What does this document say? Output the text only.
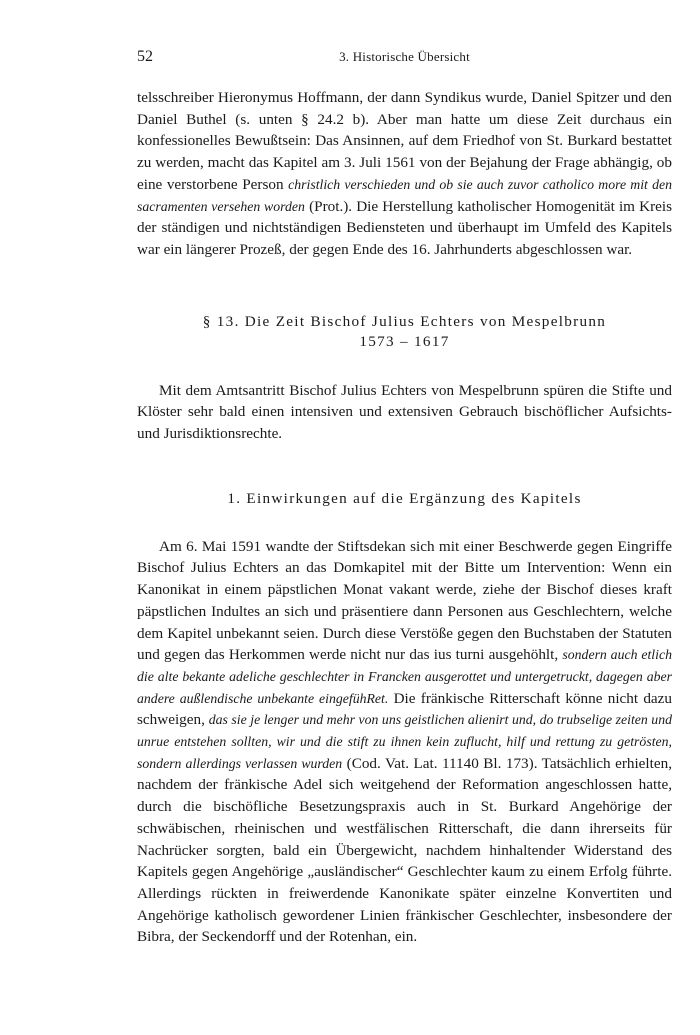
52	3. Historische Übersicht

telsschreiber Hieronymus Hoffmann, der dann Syndikus wurde, Daniel Spitzer und den Daniel Buthel (s. unten § 24.2 b). Aber man hatte um diese Zeit durchaus ein konfessionelles Bewußtsein: Das Ansinnen, auf dem Friedhof von St. Burkard bestattet zu werden, macht das Kapitel am 3. Juli 1561 von der Bejahung der Frage abhängig, ob eine verstorbene Person christlich verschieden und ob sie auch zuvor catholico more mit den sacramenten versehen worden (Prot.). Die Herstellung katholischer Homogenität im Kreis der ständigen und nichtständigen Bediensteten und überhaupt im Umfeld des Kapitels war ein längerer Prozeß, der gegen Ende des 16. Jahrhunderts abgeschlossen war.

§ 13. Die Zeit Bischof Julius Echters von Mespelbrunn
1573 – 1617

Mit dem Amtsantritt Bischof Julius Echters von Mespelbrunn spüren die Stifte und Klöster sehr bald einen intensiven und extensiven Gebrauch bischöflicher Aufsichts- und Jurisdiktionsrechte.

1. Einwirkungen auf die Ergänzung des Kapitels

Am 6. Mai 1591 wandte der Stiftsdekan sich mit einer Beschwerde gegen Eingriffe Bischof Julius Echters an das Domkapitel mit der Bitte um Intervention: Wenn ein Kanonikat in einem päpstlichen Monat vakant werde, ziehe der Bischof dieses kraft päpstlichen Indultes an sich und präsentiere dann Personen aus Geschlechtern, welche dem Kapitel unbekannt seien. Durch diese Verstöße gegen den Buchstaben der Statuten und gegen das Herkommen werde nicht nur das ius turni ausgehöhlt, sondern auch etlich die alte bekante adeliche geschlechter in Francken ausgerottet und untergetruckt, dagegen aber andere außlendische unbekante eingefühRet. Die fränkische Ritterschaft könne nicht dazu schweigen, das sie je lenger und mehr von uns geistlichen alienirt und, do trubselige zeiten und unrue entstehen sollten, wir und die stift zu ihnen kein zuflucht, hilf und rettung zu getrösten, sondern allerdings verlassen wurden (Cod. Vat. Lat. 11140 Bl. 173). Tatsächlich erhielten, nachdem der fränkische Adel sich weitgehend der Reformation angeschlossen hatte, durch die bischöfliche Besetzungspraxis auch in St. Burkard Angehörige der schwäbischen, rheinischen und westfälischen Ritterschaft, die dann ihrerseits für Nachrücker sorgten, bald ein Übergewicht, nachdem hinhaltender Widerstand des Kapitels gegen Angehörige „ausländischer“ Geschlechter kaum zu einem Erfolg führte. Allerdings rückten in freiwerdende Kanonikate später einzelne Konvertiten und Angehörige katholisch gewordener Linien fränkischer Geschlechter, insbesondere der Bibra, der Seckendorff und der Rotenhan, ein.
